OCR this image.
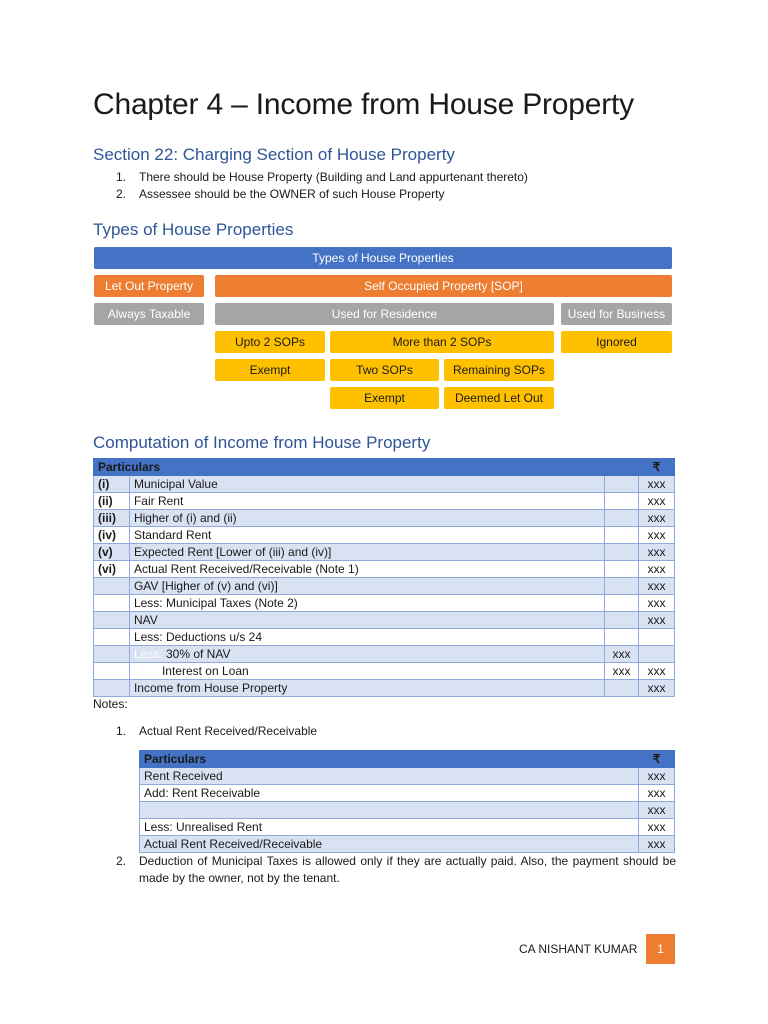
Chapter 4 – Income from House Property
Section 22: Charging Section of House Property
1. There should be House Property (Building and Land appurtenant thereto)
2. Assessee should be the OWNER of such House Property
Types of House Properties
Types of House Properties
Let Out Property	Self Occupied Property [SOP]
Always Taxable	Used for Residence	Used for Business
Upto 2 SOPs	More than 2 SOPs	Ignored
Exempt	Two SOPs	Remaining SOPs
Exempt	Deemed Let Out
Computation of Income from House Property
Particulars			₹
(i)	Municipal Value		xxx
(ii)	Fair Rent		xxx
(iii)	Higher of (i) and (ii)		xxx
(iv)	Standard Rent		xxx
(v)	Expected Rent [Lower of (iii) and (iv)]		xxx
(vi)	Actual Rent Received/Receivable (Note 1)		xxx
	GAV [Higher of (v) and (vi)]		xxx
	Less: Municipal Taxes (Note 2)		xxx
	NAV		xxx
	Less: Deductions u/s 24		
	Less: 30% of NAV	xxx	
	Interest on Loan	xxx	xxx
	Income from House Property		xxx
Notes:
1. Actual Rent Received/Receivable
Particulars	₹
Rent Received	xxx
Add: Rent Receivable	xxx
	xxx
Less: Unrealised Rent	xxx
Actual Rent Received/Receivable	xxx
2.	Deduction of Municipal Taxes is allowed only if they are actually paid. Also, the payment should be made by the owner, not by the tenant.
CA NISHANT KUMAR	1
